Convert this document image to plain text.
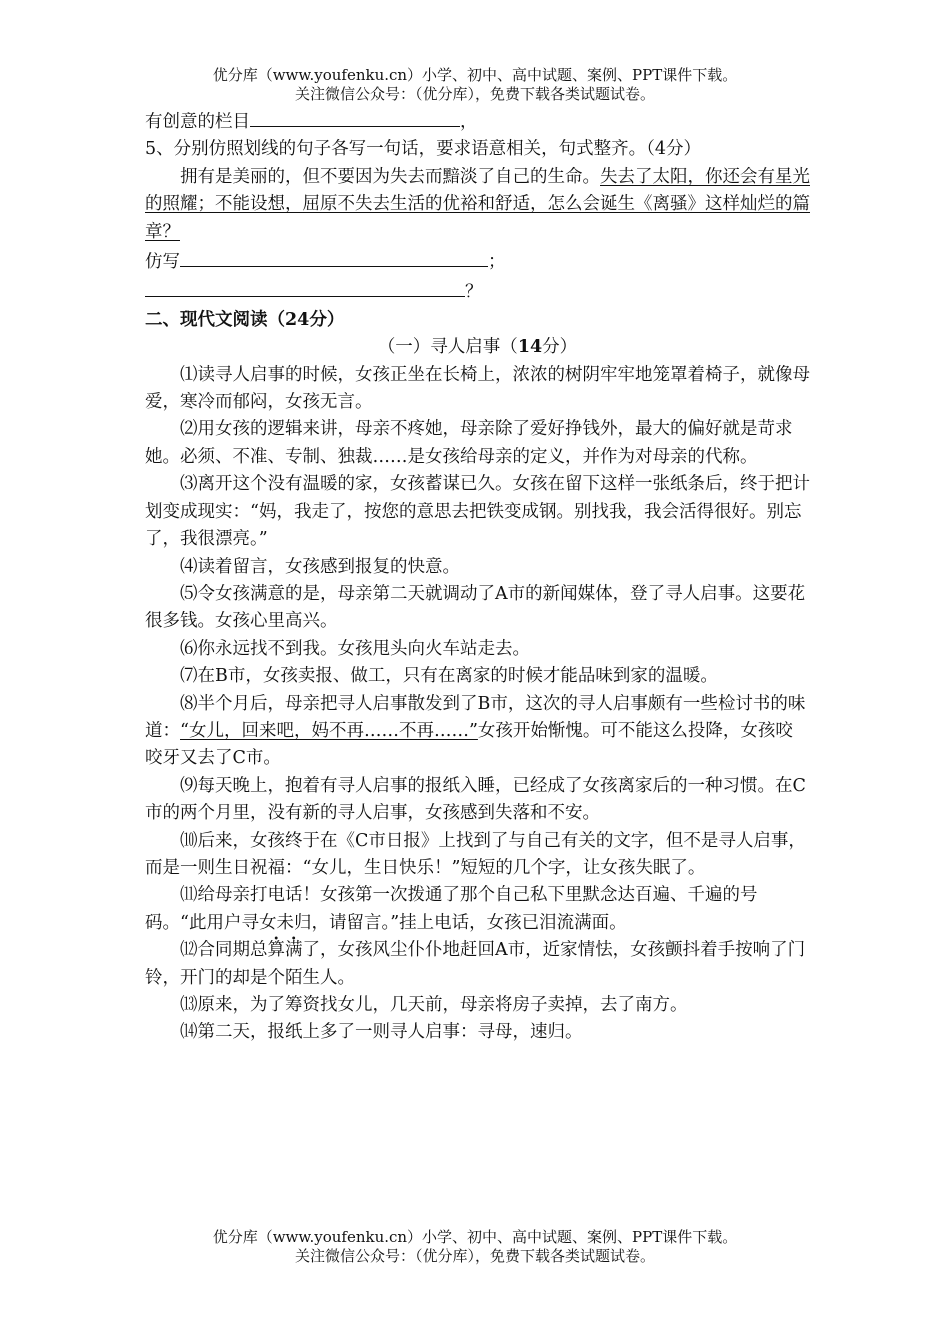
优分库（www.youfenku.cn）小学、初中、高中试题、案例、PPT课件下载。
关注微信公众号：（优分库），免费下载各类试题试卷。

有创意的栏目	，

5、分别仿照划线的句子各写一句话，要求语意相关，句式整齐。（4分）

拥有是美丽的，但不要因为失去而黯淡了自己的生命。失去了太阳，你还会有星光的照耀；不能设想，屈原不失去生活的优裕和舒适，怎么会诞生《离骚》这样灿烂的篇章？

仿写	；

？

二、现代文阅读（24分）

（一）寻人启事（14分）

⑴读寻人启事的时候，女孩正坐在长椅上，浓浓的树阴牢牢地笼罩着椅子，就像母爱，寒冷而郁闷，女孩无言。

⑵用女孩的逻辑来讲，母亲不疼她，母亲除了爱好挣钱外，最大的偏好就是苛求她。必须、不准、专制、独裁……是女孩给母亲的定义，并作为对母亲的代称。

⑶离开这个没有温暖的家，女孩蓄谋已久。女孩在留下这样一张纸条后，终于把计划变成现实：“妈，我走了，按您的意思去把铁变成钢。别找我，我会活得很好。别忘了，我很漂亮。”

⑷读着留言，女孩感到报复的快意。

⑸令女孩满意的是，母亲第二天就调动了A市的新闻媒体，登了寻人启事。这要花很多钱。女孩心里高兴。

⑹你永远找不到我。女孩甩头向火车站走去。

⑺在B市，女孩卖报、做工，只有在离家的时候才能品味到家的温暖。

⑻半个月后，母亲把寻人启事散发到了B市，这次的寻人启事颇有一些检讨书的味道：“女儿，回来吧，妈不再……不再……”女孩开始惭愧。可不能这么投降，女孩咬咬牙又去了C市。

⑼每天晚上，抱着有寻人启事的报纸入睡，已经成了女孩离家后的一种习惯。在C市的两个月里，没有新的寻人启事，女孩感到失落和不安。

⑽后来，女孩终于在《C市日报》上找到了与自己有关的文字，但不是寻人启事，而是一则生日祝福：“女儿，生日快乐！”短短的几个字，让女孩失眠了。

⑾给母亲打电话！女孩第一次拨通了那个自己私下里默念达百遍、千遍的号码。“此用户寻女未归，请留言。”挂上电话，女孩已泪流满面。

⑿合同期总算满了，女孩风尘仆仆地赶回A市，近家情怯，女孩颤抖着手按响了门铃，开门的却是个陌生人。

⒀原来，为了筹资找女儿，几天前，母亲将房子卖掉，去了南方。

⒁第二天，报纸上多了一则寻人启事：寻母，速归。

优分库（www.youfenku.cn）小学、初中、高中试题、案例、PPT课件下载。
关注微信公众号：（优分库），免费下载各类试题试卷。
